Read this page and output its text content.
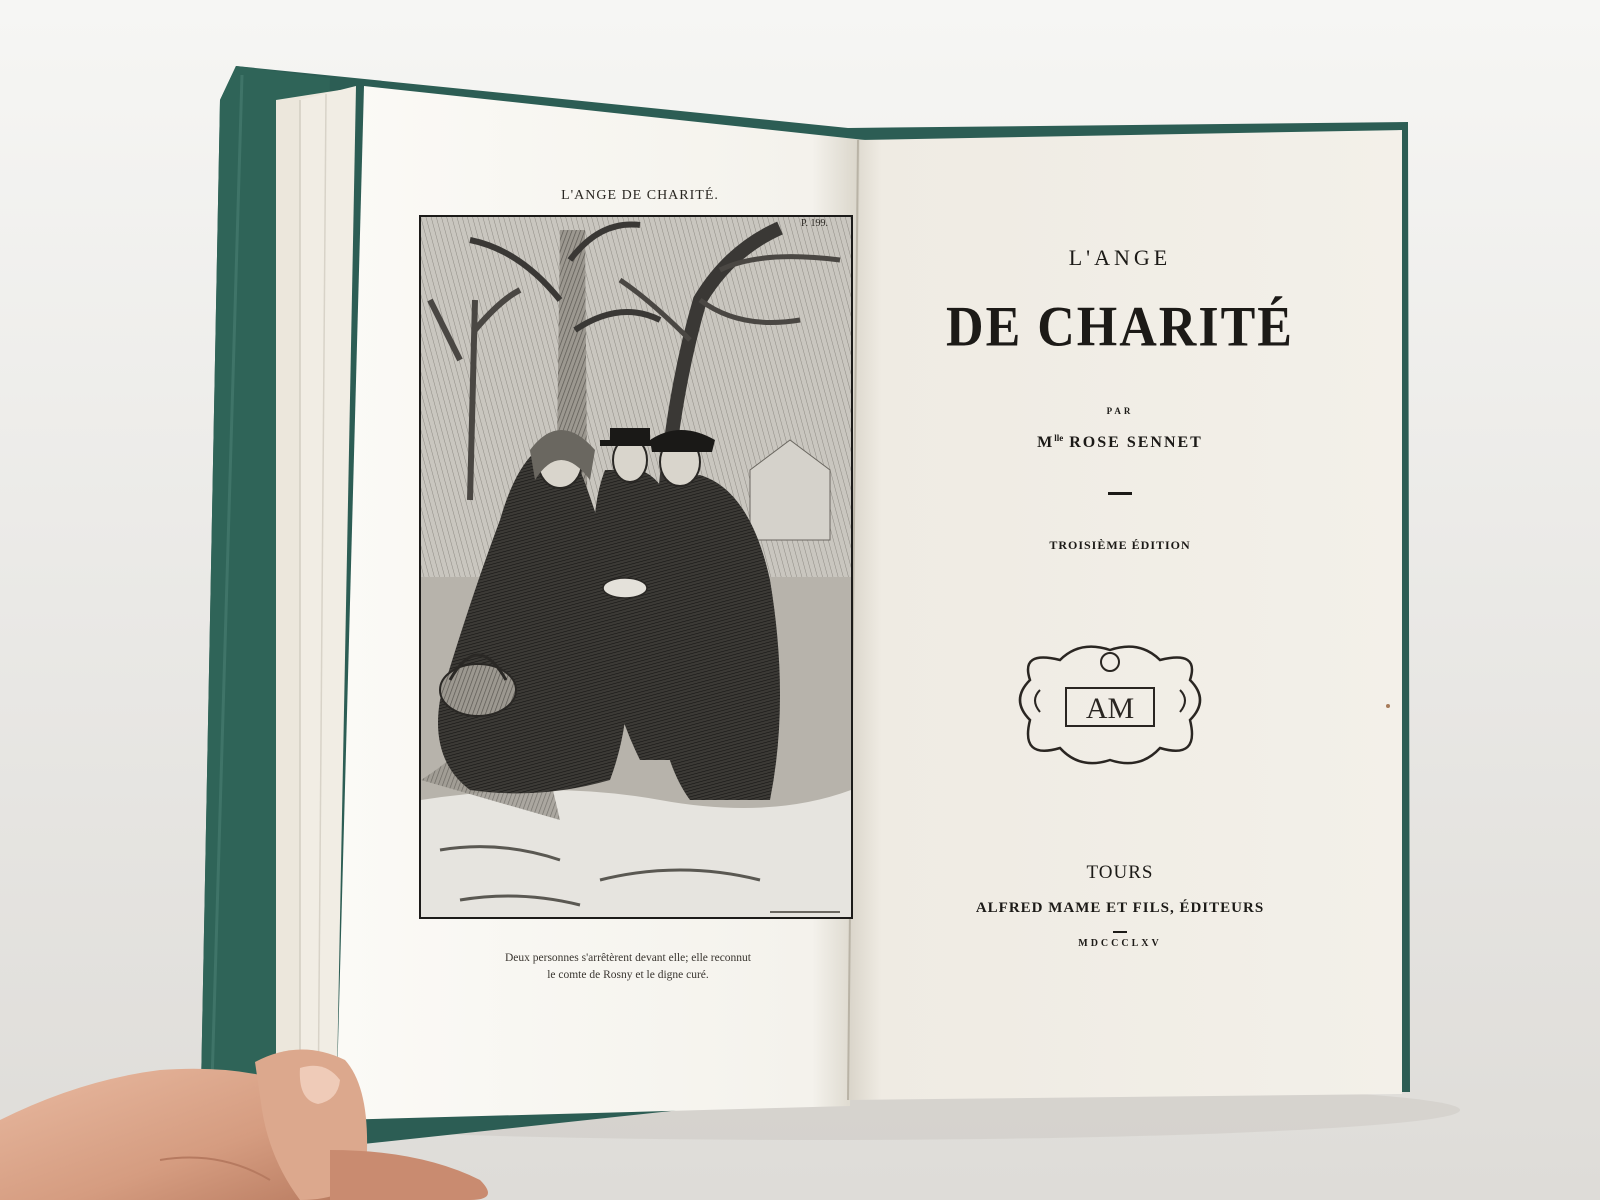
AM
L'ANGE DE CHARITÉ.
P. 199.
Deux personnes s'arrêtèrent devant elle; elle reconnut
le comte de Rosny et le digne curé.
L'ANGE
DE CHARITÉ
PAR
$M^{lle}$ ROSE SENNET
TROISIÈME ÉDITION
TOURS
ALFRED MAME ET FILS, ÉDITEURS
MDCCCLXV
